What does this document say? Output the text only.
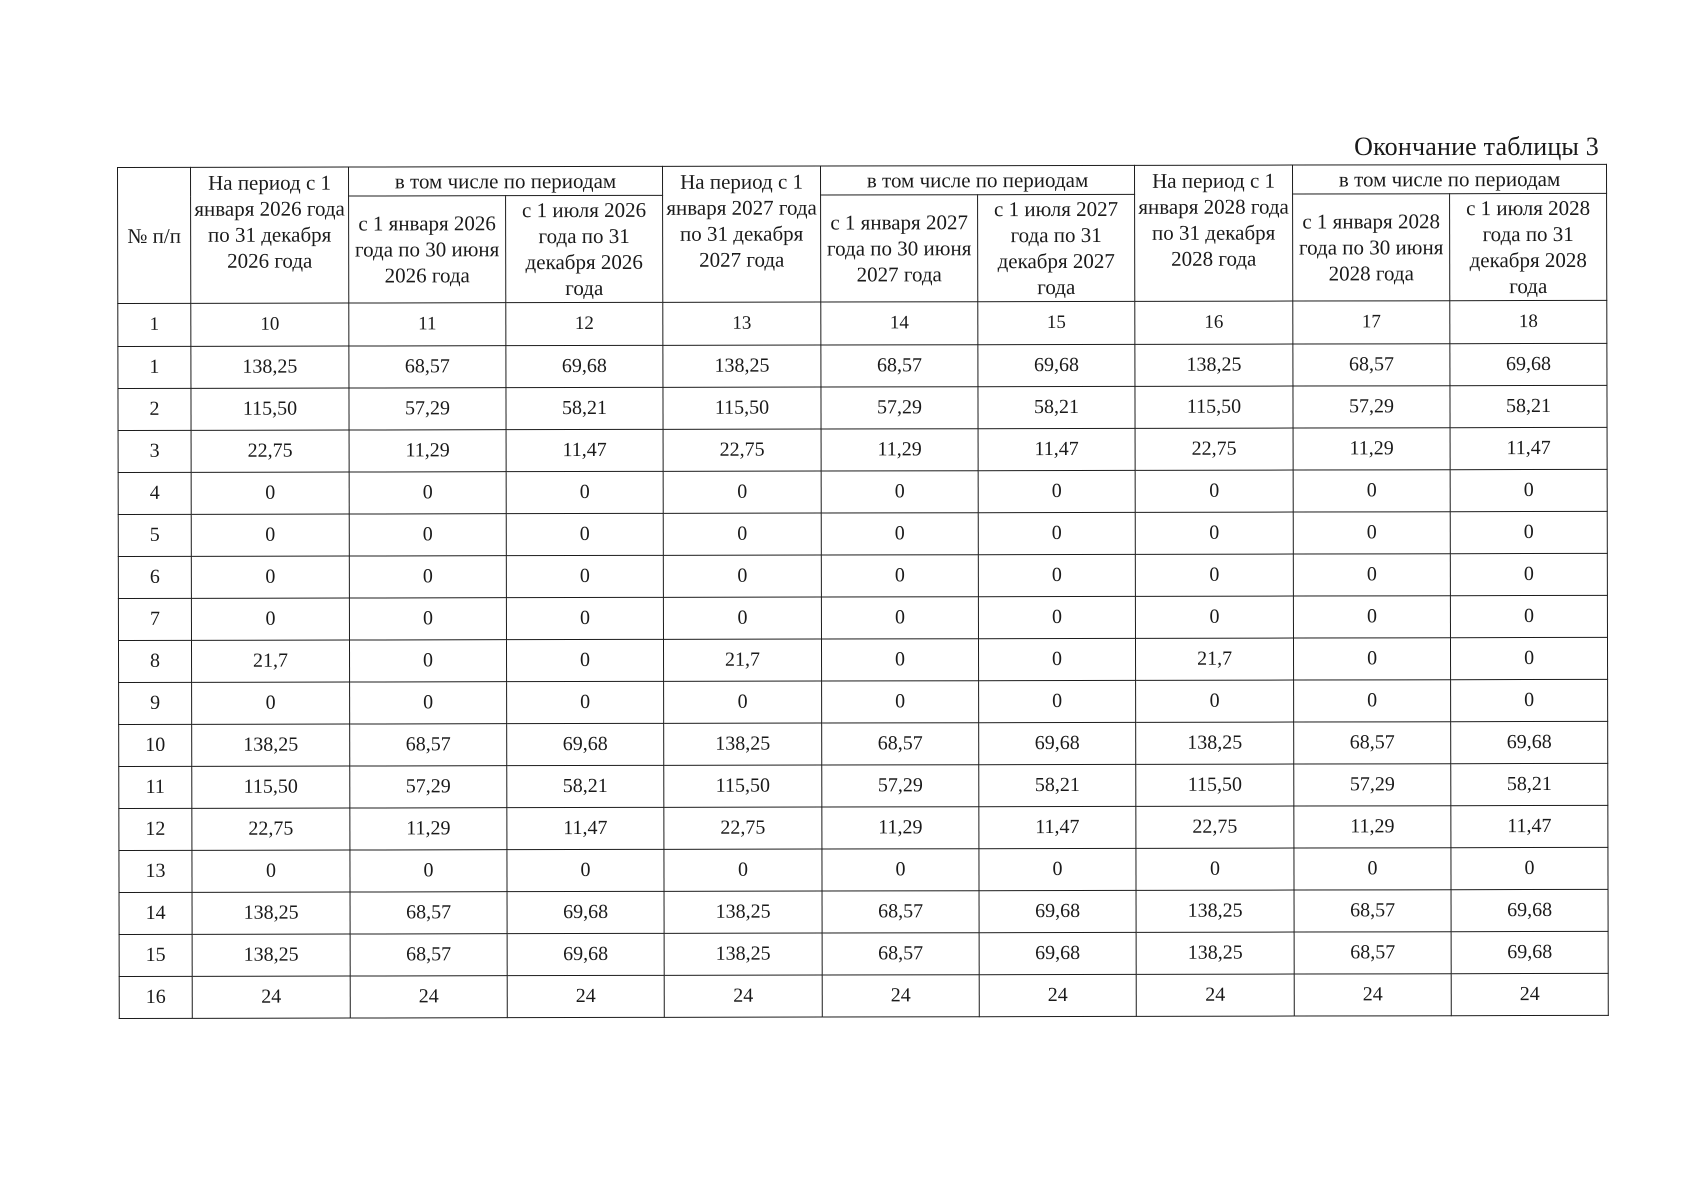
Окончание таблицы 3
№ п/п	На период с 1 января 2026 года по 31 декабря 2026 года	в том числе по периодам		На период с 1 января 2027 года по 31 декабря 2027 года	в том числе по периодам		На период с 1 января 2028 года по 31 декабря 2028 года	в том числе по периодам	
		с 1 января 2026 года по 30 июня 2026 года	с 1 июля 2026 года по 31 декабря 2026 года		с 1 января 2027 года по 30 июня 2027 года	с 1 июля 2027 года по 31 декабря 2027 года		с 1 января 2028 года по 30 июня 2028 года	с 1 июля 2028 года по 31 декабря 2028 года
1	10	11	12	13	14	15	16	17	18
1	138,25	68,57	69,68	138,25	68,57	69,68	138,25	68,57	69,68
2	115,50	57,29	58,21	115,50	57,29	58,21	115,50	57,29	58,21
3	22,75	11,29	11,47	22,75	11,29	11,47	22,75	11,29	11,47
4	0	0	0	0	0	0	0	0	0
5	0	0	0	0	0	0	0	0	0
6	0	0	0	0	0	0	0	0	0
7	0	0	0	0	0	0	0	0	0
8	21,7	0	0	21,7	0	0	21,7	0	0
9	0	0	0	0	0	0	0	0	0
10	138,25	68,57	69,68	138,25	68,57	69,68	138,25	68,57	69,68
11	115,50	57,29	58,21	115,50	57,29	58,21	115,50	57,29	58,21
12	22,75	11,29	11,47	22,75	11,29	11,47	22,75	11,29	11,47
13	0	0	0	0	0	0	0	0	0
14	138,25	68,57	69,68	138,25	68,57	69,68	138,25	68,57	69,68
15	138,25	68,57	69,68	138,25	68,57	69,68	138,25	68,57	69,68
16	24	24	24	24	24	24	24	24	24
